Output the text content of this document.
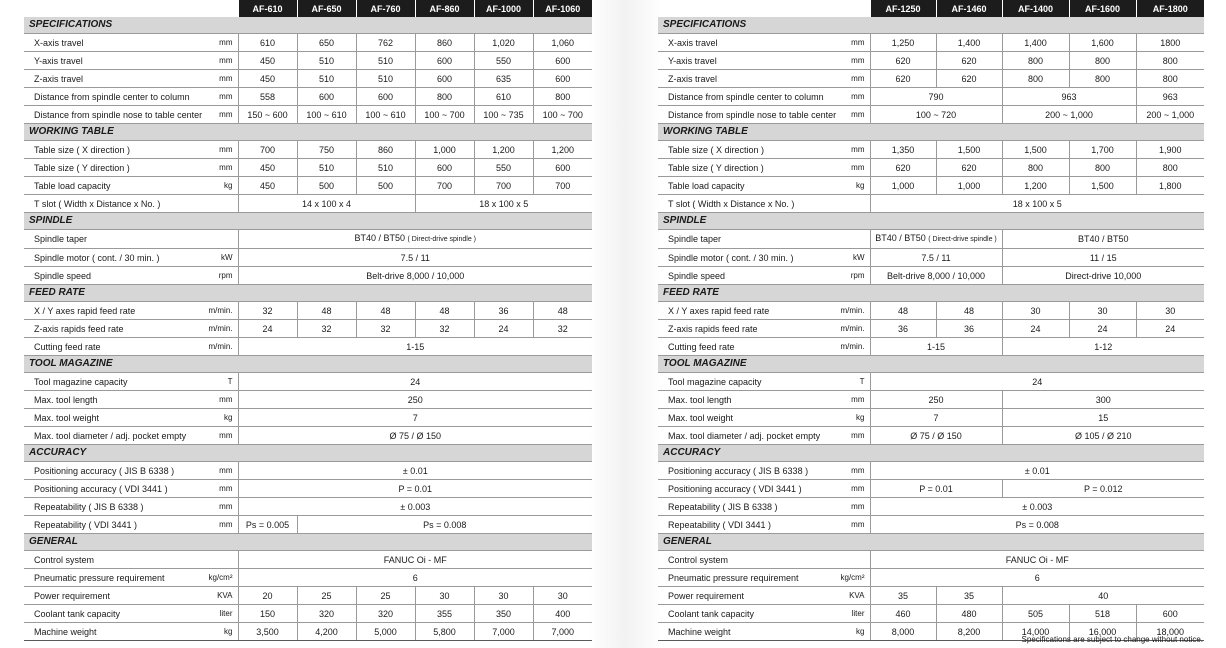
		AF-610	AF-650	AF-760	AF-860	AF-1000	AF-1060
SPECIFICATIONS							
X-axis travel	mm	610	650	762	860	1,020	1,060
Y-axis travel	mm	450	510	510	600	550	600
Z-axis travel	mm	450	510	510	600	635	600
Distance from spindle center to column	mm	558	600	600	800	610	800
Distance from spindle nose to table center	mm	150 ~ 600	100 ~ 610	100 ~ 610	100 ~ 700	100 ~ 735	100 ~ 700
WORKING TABLE							
Table size ( X direction )	mm	700	750	860	1,000	1,200	1,200
Table size ( Y direction )	mm	450	510	510	600	550	600
Table load capacity	kg	450	500	500	700	700	700
T slot ( Width x Distance x No. )		14 x 100 x 4			18 x 100 x 5		
SPINDLE							
Spindle taper		BT40 / BT50 ( Direct-drive spindle )					
Spindle motor ( cont. / 30 min. )	kW	7.5 / 11					
Spindle speed	rpm	Belt-drive 8,000 / 10,000					
FEED RATE							
X / Y axes rapid feed rate	m/min.	32	48	48	48	36	48
Z-axis rapids feed rate	m/min.	24	32	32	32	24	32
Cutting feed rate	m/min.	1-15					
TOOL MAGAZINE							
Tool magazine capacity	T	24					
Max. tool length	mm	250					
Max. tool weight	kg	7					
Max. tool diameter / adj. pocket empty	mm	Ø 75 / Ø 150					
ACCURACY							
Positioning accuracy ( JIS B 6338 )	mm	± 0.01					
Positioning accuracy ( VDI 3441 )	mm	P = 0.01					
Repeatability ( JIS B 6338 )	mm	± 0.003					
Repeatability ( VDI 3441 )	mm	Ps = 0.005	Ps = 0.008				
GENERAL							
Control system		FANUC Oi - MF					
Pneumatic pressure requirement	kg/cm²	6					
Power requirement	KVA	20	25	25	30	30	30
Coolant tank capacity	liter	150	320	320	355	350	400
Machine weight	kg	3,500	4,200	5,000	5,800	7,000	7,000
		AF-1250	AF-1460	AF-1400	AF-1600	AF-1800
SPECIFICATIONS						
X-axis travel	mm	1,250	1,400	1,400	1,600	1800
Y-axis travel	mm	620	620	800	800	800
Z-axis travel	mm	620	620	800	800	800
Distance from spindle center to column	mm	790		963		963
Distance from spindle nose to table center	mm	100 ~ 720		200 ~ 1,000		200 ~ 1,000
WORKING TABLE						
Table size ( X direction )	mm	1,350	1,500	1,500	1,700	1,900
Table size ( Y direction )	mm	620	620	800	800	800
Table load capacity	kg	1,000	1,000	1,200	1,500	1,800
T slot ( Width x Distance x No. )		18 x 100 x 5				
SPINDLE						
Spindle taper		BT40 / BT50 ( Direct-drive spindle )		BT40 / BT50		
Spindle motor ( cont. / 30 min. )	kW	7.5 / 11		11 / 15		
Spindle speed	rpm	Belt-drive 8,000 / 10,000		Direct-drive 10,000		
FEED RATE						
X / Y axes rapid feed rate	m/min.	48	48	30	30	30
Z-axis rapids feed rate	m/min.	36	36	24	24	24
Cutting feed rate	m/min.	1-15		1-12		
TOOL MAGAZINE						
Tool magazine capacity	T	24				
Max. tool length	mm	250		300		
Max. tool weight	kg	7		15		
Max. tool diameter / adj. pocket empty	mm	Ø 75 / Ø 150		Ø 105 / Ø 210		
ACCURACY						
Positioning accuracy ( JIS B 6338 )	mm	± 0.01				
Positioning accuracy ( VDI 3441 )	mm	P = 0.01		P = 0.012		
Repeatability ( JIS B 6338 )	mm	± 0.003				
Repeatability ( VDI 3441 )	mm	Ps = 0.008				
GENERAL						
Control system		FANUC Oi - MF				
Pneumatic pressure requirement	kg/cm²	6				
Power requirement	KVA	35	35	40		
Coolant tank capacity	liter	460	480	505	518	600
Machine weight	kg	8,000	8,200	14,000	16,000	18,000
Specifications are subject to change without notice.
